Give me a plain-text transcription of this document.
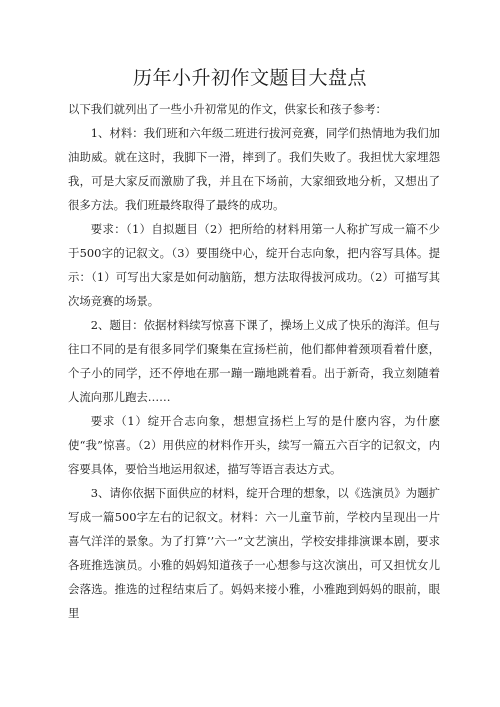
历年小升初作文题目大盘点

以下我们就列出了一些小升初常见的作文，供家长和孩子参考：

1、材料：我们班和六年级二班进行拔河竞赛，同学们热情地为我们加油助威。就在这时，我脚下一滑，摔到了。我们失败了。我担忧大家埋怨我，可是大家反而激励了我，并且在下场前，大家细致地分析，又想出了很多方法。我们班最终取得了最终的成功。

要求：（1）自拟题目（2）把所给的材料用第一人称扩写成一篇不少于500字的记叙文。（3）要围绕中心，绽开台志向象，把内容写具体。提示：（1）可写出大家是如何动脑筋，想方法取得拔河成功。（2）可描写其次场竞赛的场景。

2、题目：依据材料续写惊喜下课了，操场上义成了快乐的海洋。但与往口不同的是有很多同学们聚集在宣扬栏前，他们都伸着颈项看着什麽，个子小的同学，还不停地在那一蹦一蹦地跳着看。出于新奇，我立刻随着人流向那儿跑去……

要求（1）绽开合志向象，想想宣扬栏上写的是什麽内容，为什麽使“我”惊喜。（2）用供应的材料作开头，续写一篇五六百字的记叙文，内容要具体，要恰当地运用叙述，描写等语言表达方式。

3、请你依据下面供应的材料，绽开合理的想象，以《选演员》为题扩写成一篇500字左右的记叙文。材料：六一儿童节前，学校内呈现出一片喜气洋洋的景象。为了打算’’六一”文艺演出，学校安排排演课本剧，要求各班推选演员。小雅的妈妈知道孩子一心想参与这次演出，可又担忧女儿会落选。推选的过程结束后了。妈妈来接小雅，小雅跑到妈妈的眼前，眼里
